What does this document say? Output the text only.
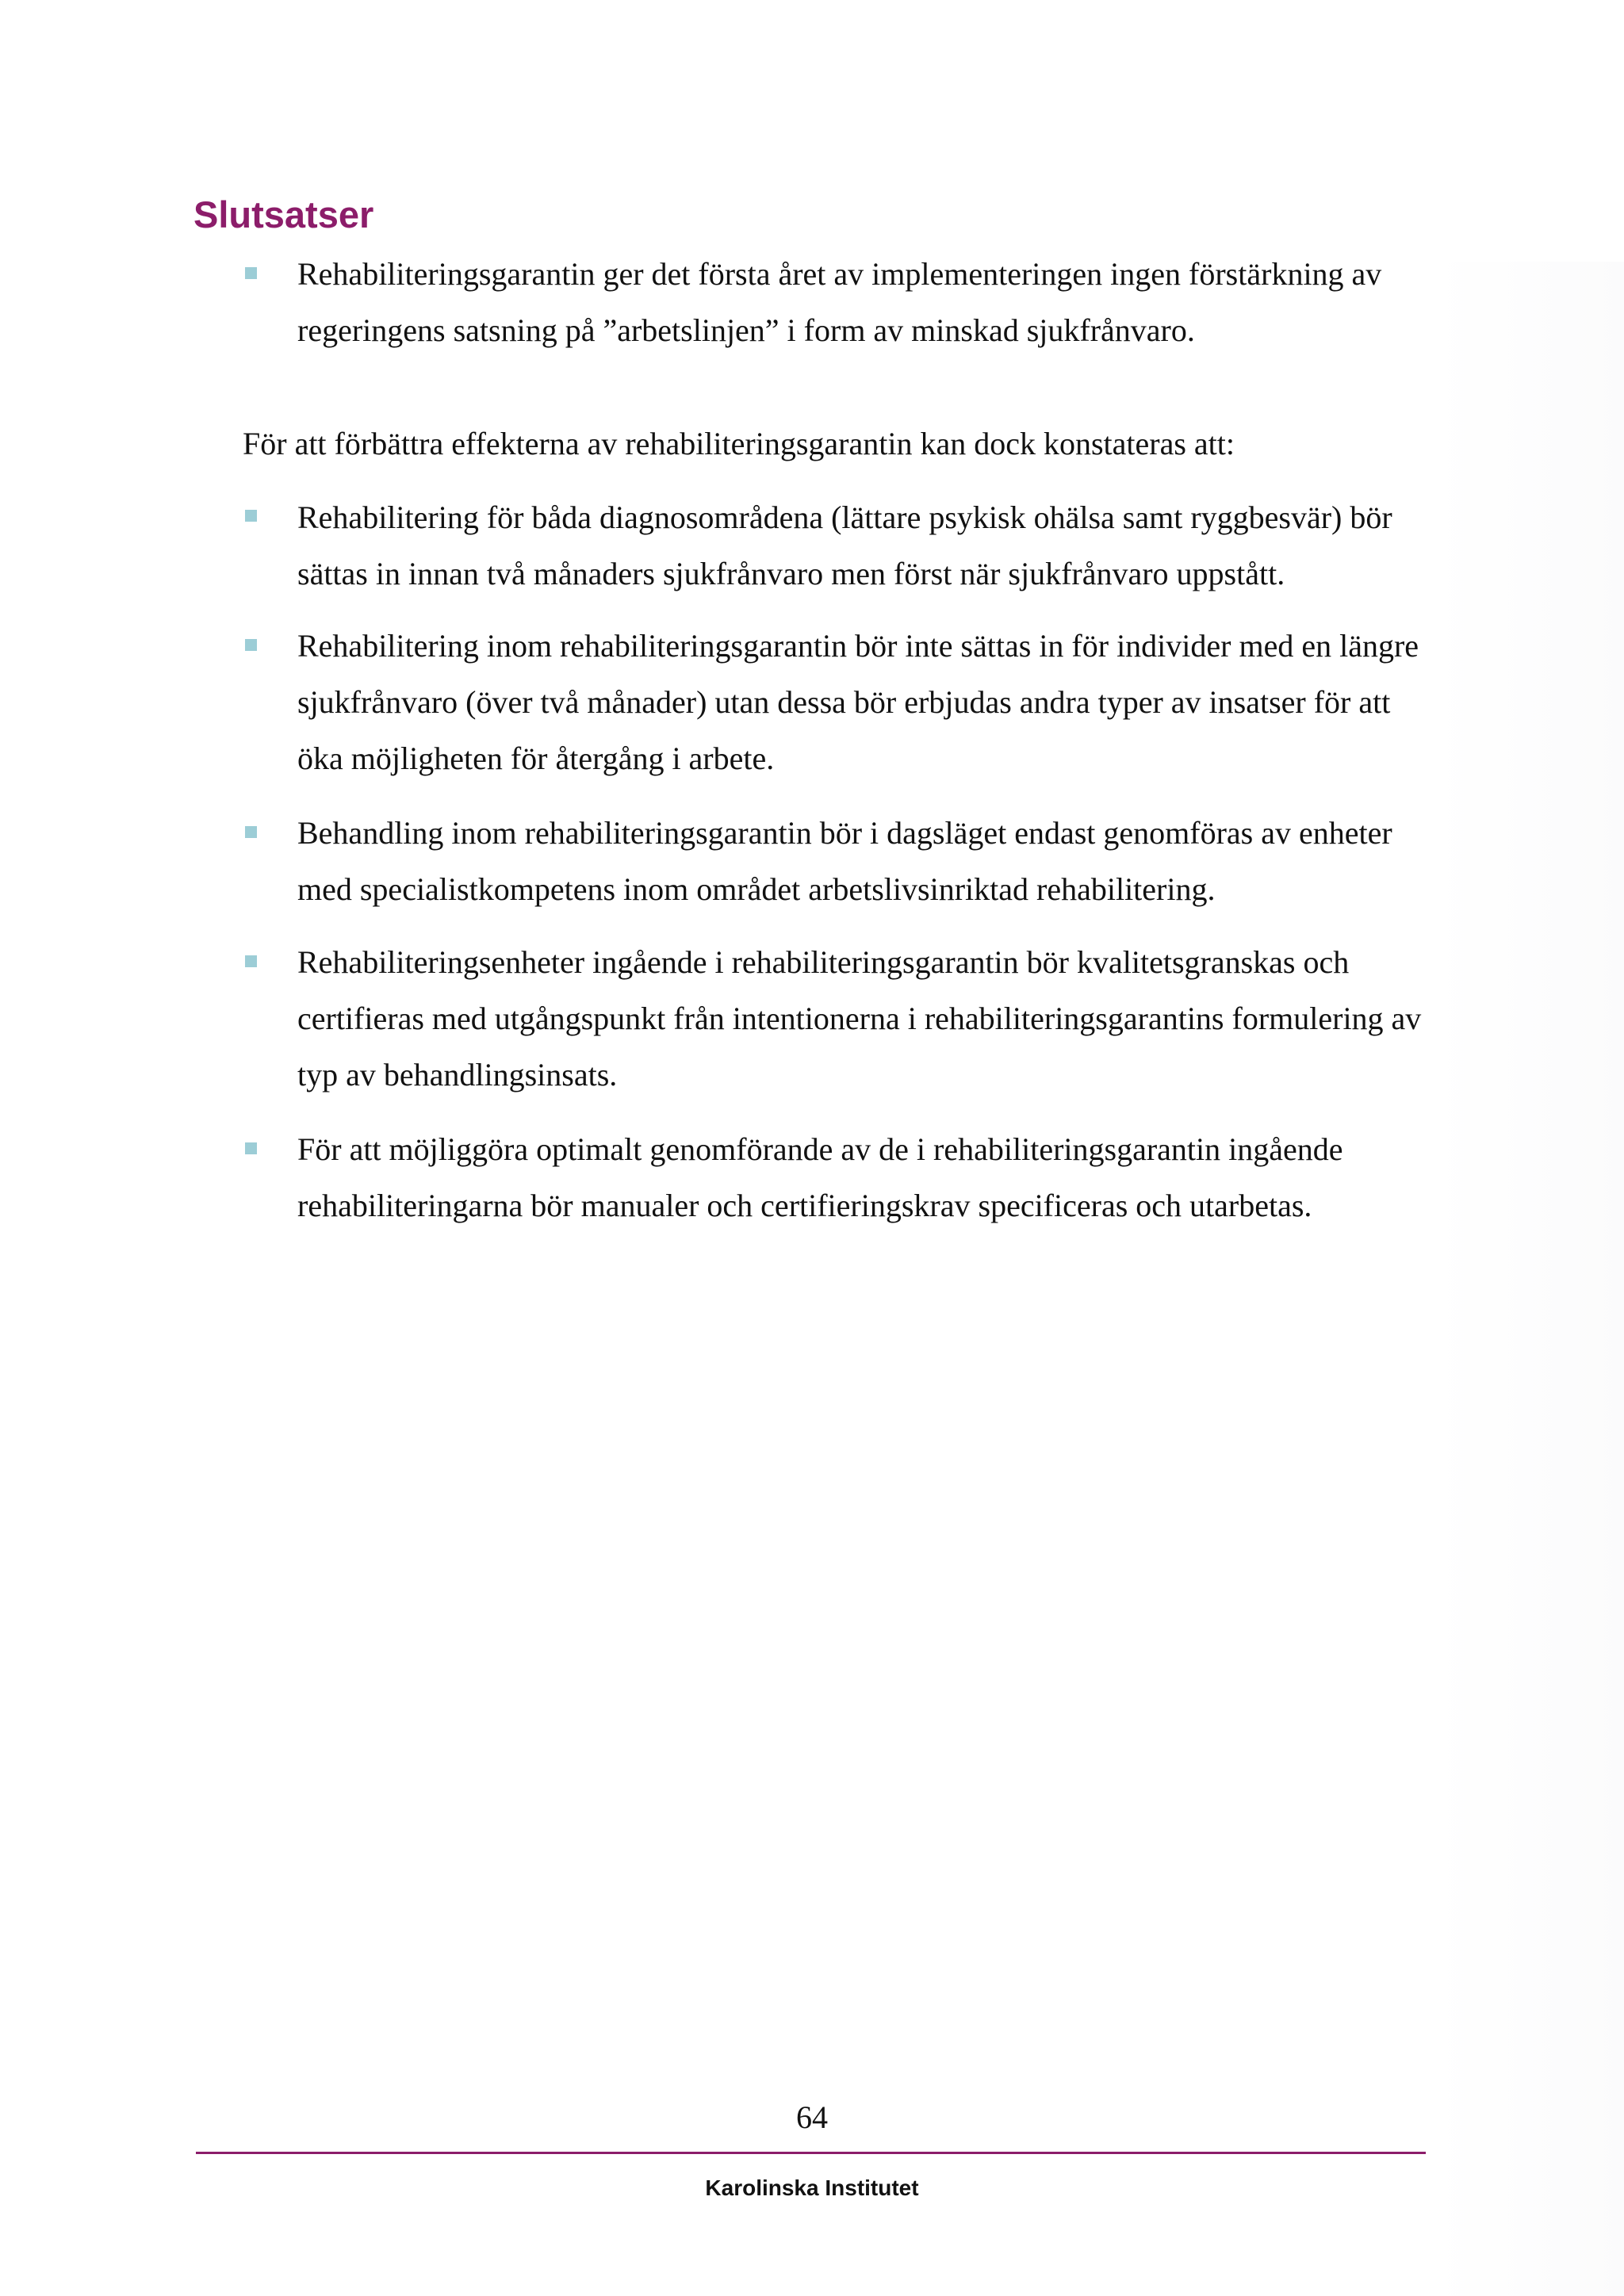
Slutsatser
Rehabiliteringsgarantin ger det första året av implementeringen ingen förstärkning av regeringens satsning på ”arbetslinjen” i form av minskad sjukfrånvaro.

För att förbättra effekterna av rehabiliteringsgarantin kan dock konstateras att:

Rehabilitering för båda diagnosområdena (lättare psykisk ohälsa samt ryggbesvär) bör sättas in innan två månaders sjukfrånvaro men först när sjukfrånvaro uppstått.
Rehabilitering inom rehabiliteringsgarantin bör inte sättas in för individer med en längre sjukfrånvaro (över två månader) utan dessa bör erbjudas andra typer av insatser för att öka möjligheten för återgång i arbete.
Behandling inom rehabiliteringsgarantin bör i dagsläget endast genomföras av enheter med specialistkompetens inom området arbetslivsinriktad rehabilitering.
Rehabiliteringsenheter ingående i rehabiliteringsgarantin bör kvalitetsgranskas och certifieras med utgångspunkt från intentionerna i rehabiliteringsgarantins formulering av typ av behandlingsinsats.
För att möjliggöra optimalt genomförande av de i rehabiliteringsgarantin ingående rehabiliteringarna bör manualer och certifieringskrav specificeras och utarbetas.
64
Karolinska Institutet
